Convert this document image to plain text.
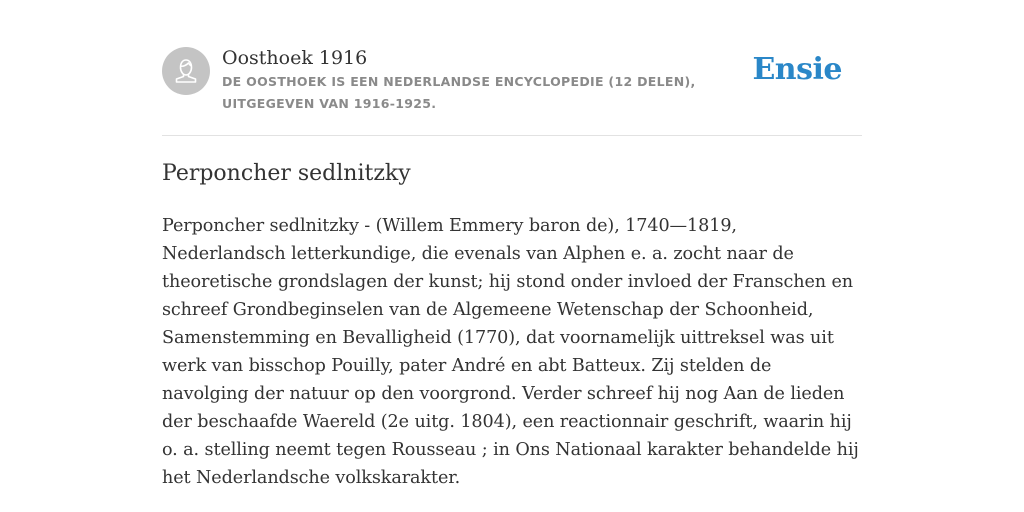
Oosthoek 1916
DE OOSTHOEK IS EEN NEDERLANDSE ENCYCLOPEDIE (12 DELEN), UITGEGEVEN VAN 1916-1925.
Ensie
Perponcher sedlnitzky

Perponcher sedlnitzky - (Willem Emmery baron de), 1740—1819, Nederlandsch letterkundige, die evenals van Alphen e. a. zocht naar de theoretische grondslagen der kunst; hij stond onder invloed der Franschen en schreef Grondbeginselen van de Algemeene Wetenschap der Schoonheid, Samenstemming en Bevalligheid (1770), dat voornamelijk uittreksel was uit werk van bisschop Pouilly, pater André en abt Batteux. Zij stelden de navolging der natuur op den voorgrond. Verder schreef hij nog Aan de lieden der beschaafde Waereld (2e uitg. 1804), een reactionnair geschrift, waarin hij o. a. stelling neemt tegen Rousseau ; in Ons Nationaal karakter behandelde hij het Nederlandsche volkskarakter.
